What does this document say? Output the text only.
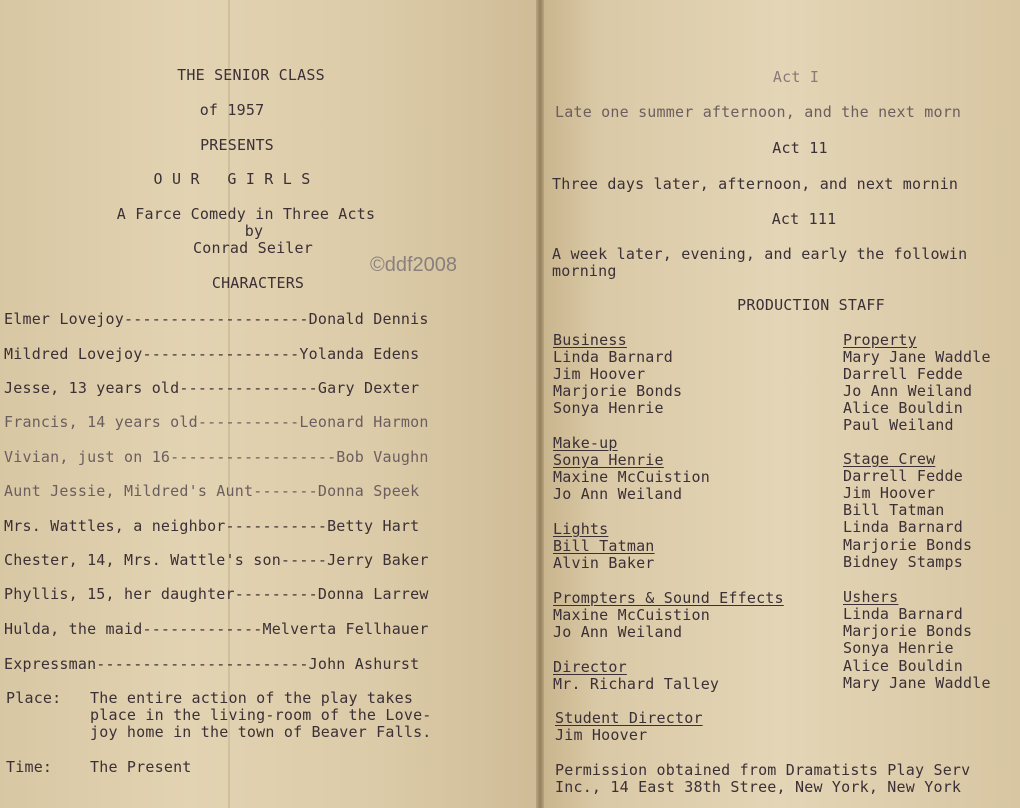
THE SENIOR CLASS
of 1957
PRESENTS
O U R   G I R L S
A Farce Comedy in Three Acts
by
Conrad Seiler
©ddf2008
CHARACTERS
Elmer Lovejoy--------------------Donald Dennis
Mildred Lovejoy-----------------Yolanda Edens
Jesse, 13 years old---------------Gary Dexter
Francis, 14 years old-----------Leonard Harmon
Vivian, just on 16------------------Bob Vaughn
Aunt Jessie, Mildred's Aunt-------Donna Speek
Mrs. Wattles, a neighbor-----------Betty Hart
Chester, 14, Mrs. Wattle's son-----Jerry Baker
Phyllis, 15, her daughter---------Donna Larrew
Hulda, the maid-------------Melverta Fellhauer
Expressman-----------------------John Ashurst
Place: The entire action of the play takes
place in the living-room of the Love-
joy home in the town of Beaver Falls.
Time:	The Present
Act I
Late one summer afternoon, and the next morn
Act 11
Three days later, afternoon, and next mornin
Act 111
A week later, evening, and early the followin
morning
PRODUCTION STAFF
Business
Linda Barnard
Jim Hoover
Marjorie Bonds
Sonya Henrie
Make-up
Sonya Henrie
Maxine McCuistion
Jo Ann Weiland
Lights
Bill Tatman
Alvin Baker
Prompters & Sound Effects
Maxine McCuistion
Jo Ann Weiland
Director
Mr. Richard Talley
Student Director
Jim Hoover
Property
Mary Jane Waddle
Darrell Fedde
Jo Ann Weiland
Alice Bouldin
Paul Weiland
Stage Crew
Darrell Fedde
Jim Hoover
Bill Tatman
Linda Barnard
Marjorie Bonds
Bidney Stamps
Ushers
Linda Barnard
Marjorie Bonds
Sonya Henrie
Alice Bouldin
Mary Jane Waddle
Permission obtained from Dramatists Play Serv
Inc., 14 East 38th Stree, New York, New York
